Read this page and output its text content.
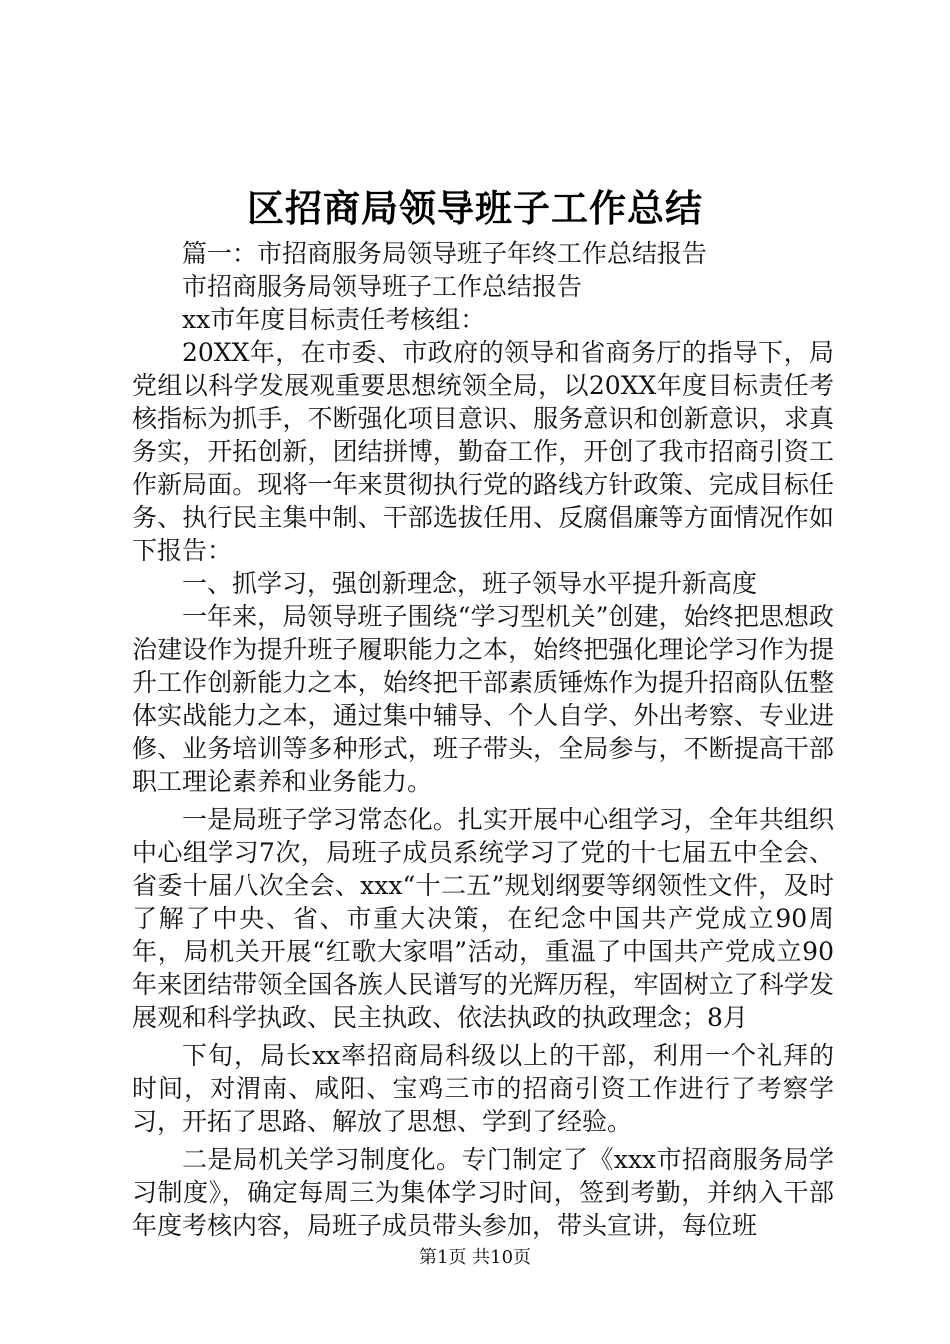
区招商局领导班子工作总结

篇一：市招商服务局领导班子年终工作总结报告

市招商服务局领导班子工作总结报告

xx市年度目标责任考核组：

20XX年，在市委、市政府的领导和省商务厅的指导下，局党组以科学发展观重要思想统领全局，以20XX年度目标责任考核指标为抓手，不断强化项目意识、服务意识和创新意识，求真务实，开拓创新，团结拼博，勤奋工作，开创了我市招商引资工作新局面。现将一年来贯彻执行党的路线方针政策、完成目标任务、执行民主集中制、干部选拔任用、反腐倡廉等方面情况作如下报告：

一、抓学习，强创新理念，班子领导水平提升新高度

一年来，局领导班子围绕“学习型机关”创建，始终把思想政治建设作为提升班子履职能力之本，始终把强化理论学习作为提升工作创新能力之本，始终把干部素质锤炼作为提升招商队伍整体实战能力之本，通过集中辅导、个人自学、外出考察、专业进修、业务培训等多种形式，班子带头，全局参与，不断提高干部职工理论素养和业务能力。

一是局班子学习常态化。扎实开展中心组学习，全年共组织中心组学习7次，局班子成员系统学习了党的十七届五中全会、省委十届八次全会、xxx“十二五”规划纲要等纲领性文件，及时了解了中央、省、市重大决策，在纪念中国共产党成立90周年，局机关开展“红歌大家唱”活动，重温了中国共产党成立90年来团结带领全国各族人民谱写的光辉历程，牢固树立了科学发展观和科学执政、民主执政、依法执政的执政理念；8月

下旬，局长xx率招商局科级以上的干部，利用一个礼拜的时间，对渭南、咸阳、宝鸡三市的招商引资工作进行了考察学习，开拓了思路、解放了思想、学到了经验。

二是局机关学习制度化。专门制定了《xxx市招商服务局学习制度》，确定每周三为集体学习时间，签到考勤，并纳入干部年度考核内容，局班子成员带头参加，带头宣讲，每位班

第1页 共10页
